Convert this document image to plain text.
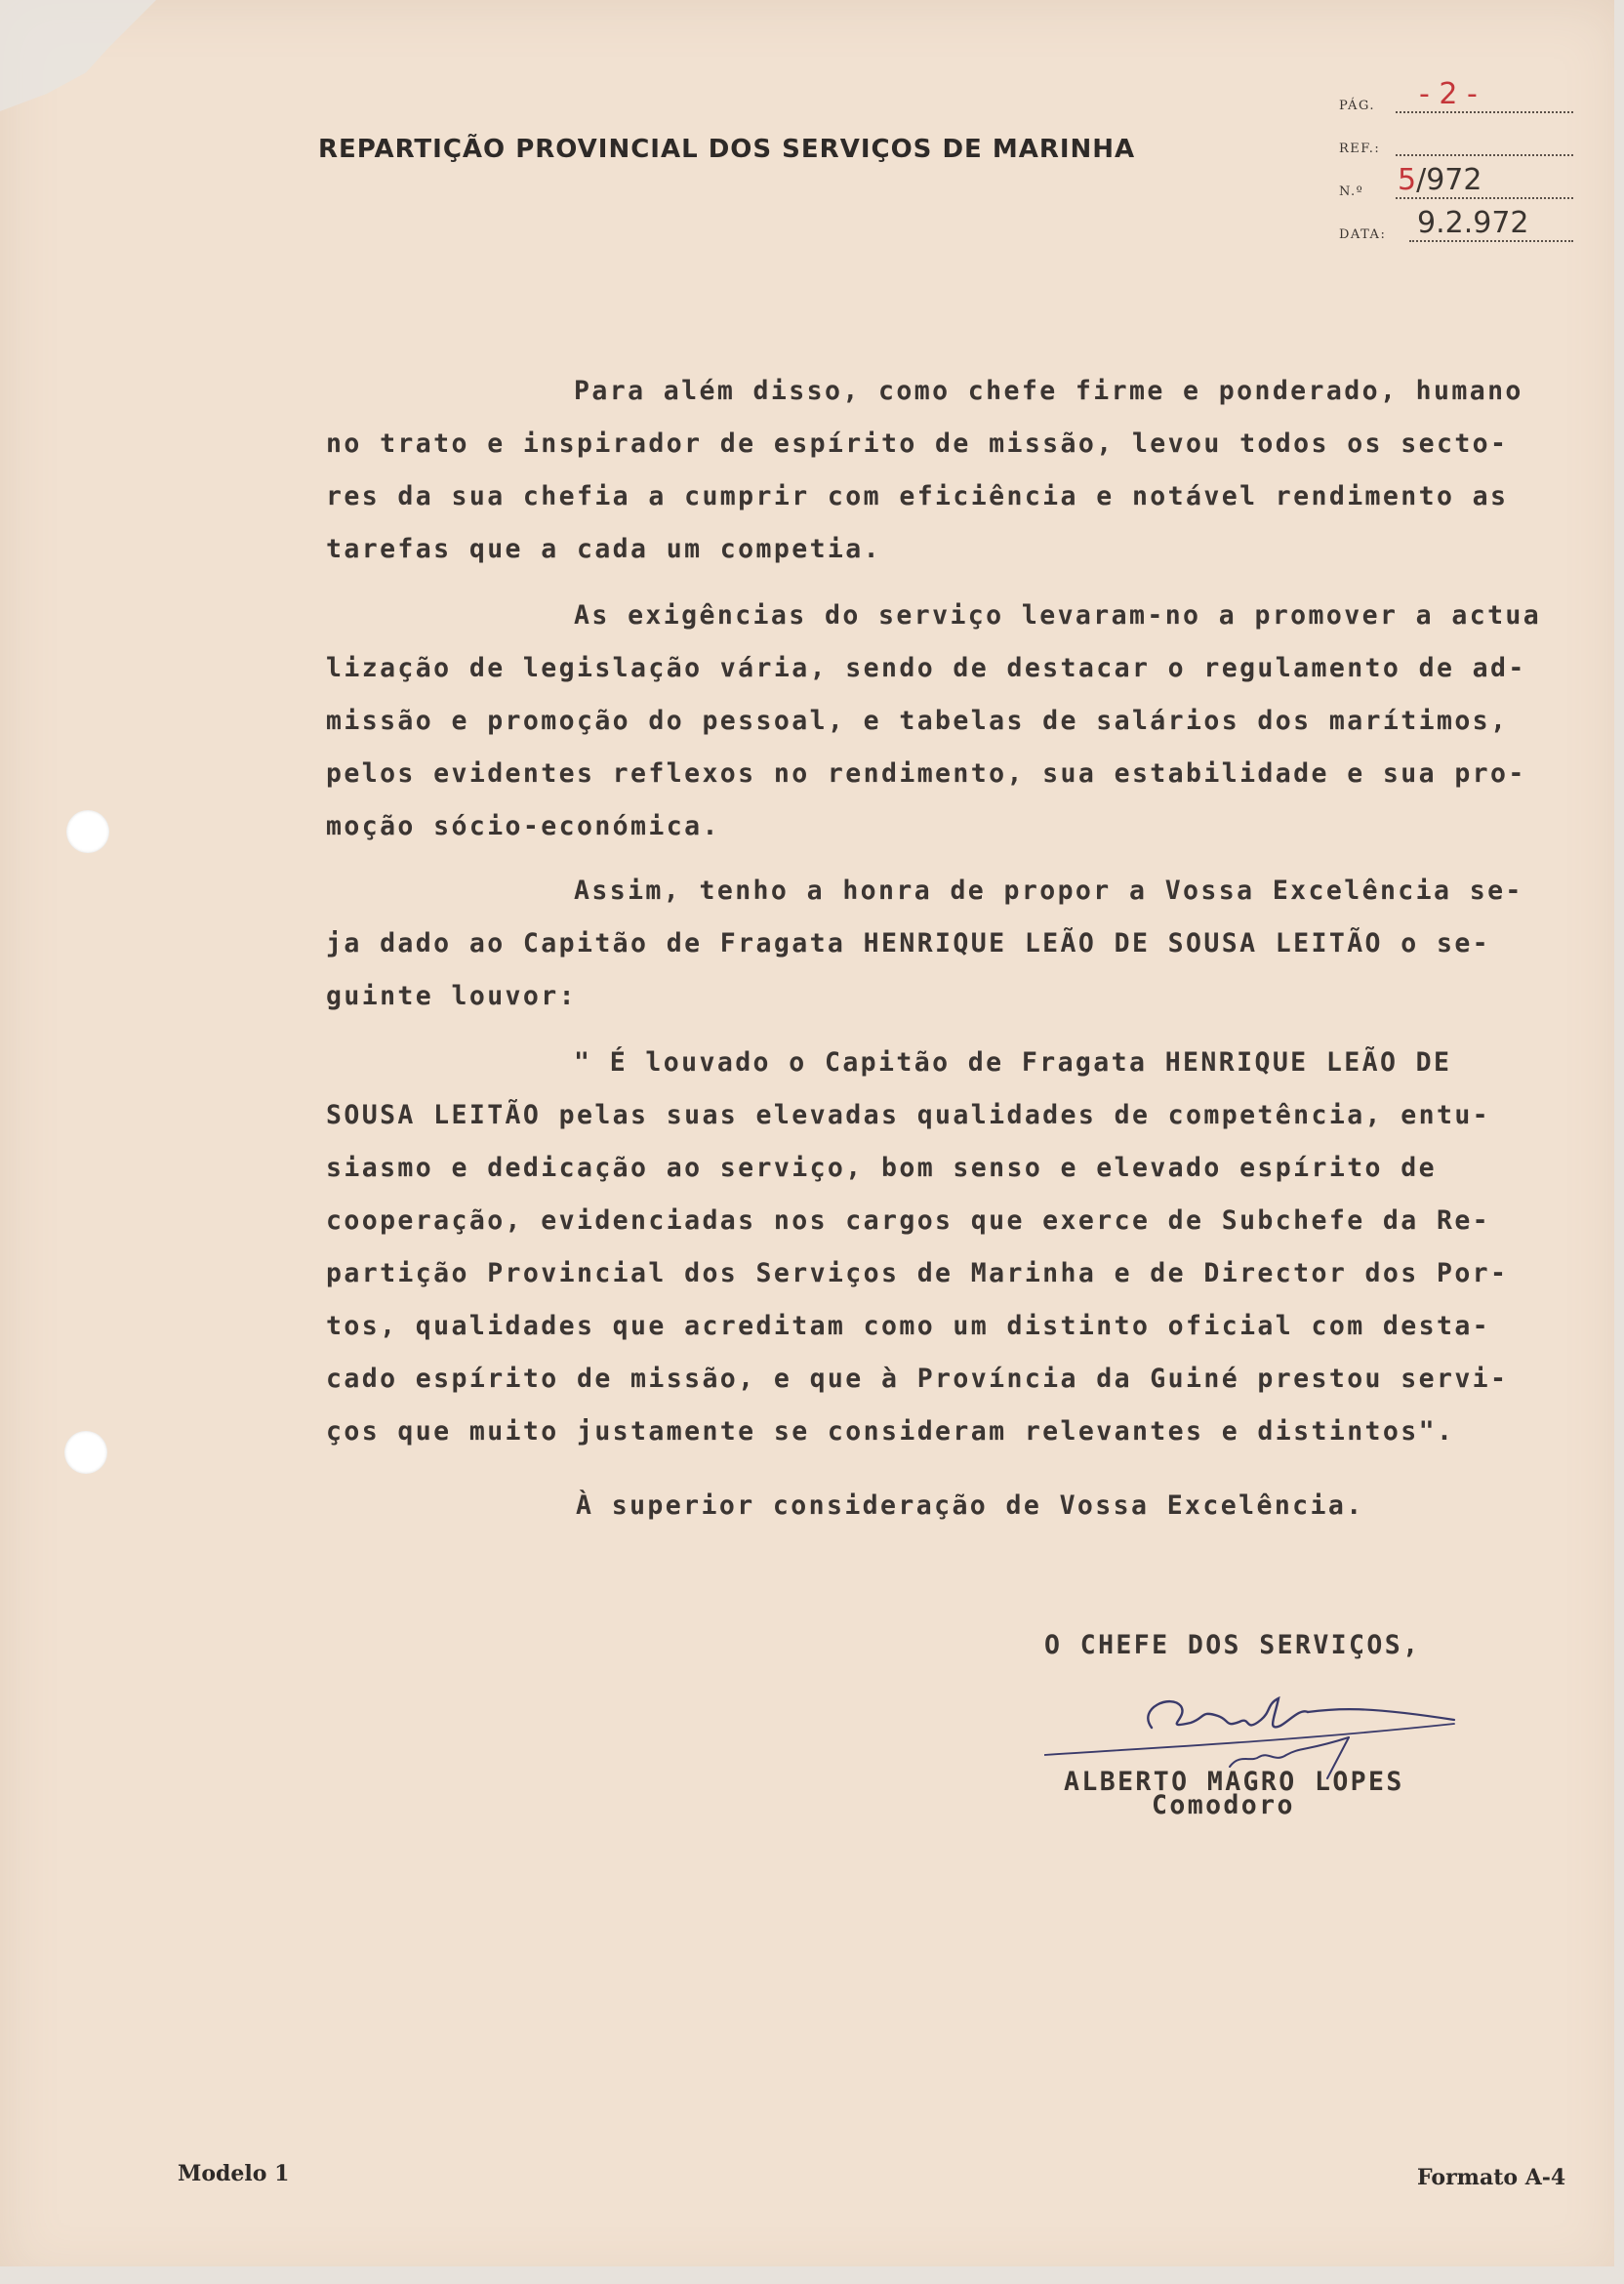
REPARTIÇÃO PROVINCIAL DOS SERVIÇOS DE MARINHA
PÁG. - 2 -
REF.:
N.º 5/972
DATA: 9.2.972
Para além disso, como chefe firme e ponderado, humano
no trato e inspirador de espírito de missão, levou todos os secto-
res da sua chefia a cumprir com eficiência e notável rendimento as
tarefas que a cada um competia.
As exigências do serviço levaram-no a promover a actua
lização de legislação vária, sendo de destacar o regulamento de ad-
missão e promoção do pessoal, e tabelas de salários dos marítimos,
pelos evidentes reflexos no rendimento, sua estabilidade e sua pro-
moção sócio-económica.
Assim, tenho a honra de propor a Vossa Excelência se-
ja dado ao Capitão de Fragata HENRIQUE LEÃO DE SOUSA LEITÃO o se-
guinte louvor:
" É louvado o Capitão de Fragata HENRIQUE LEÃO DE
SOUSA LEITÃO pelas suas elevadas qualidades de competência, entu-
siasmo e dedicação ao serviço, bom senso e elevado espírito de
cooperação, evidenciadas nos cargos que exerce de Subchefe da Re-
partição Provincial dos Serviços de Marinha e de Director dos Por-
tos, qualidades que acreditam como um distinto oficial com desta-
cado espírito de missão, e que à Província da Guiné prestou servi-
ços que muito justamente se consideram relevantes e distintos".
À superior consideração de Vossa Excelência.
O CHEFE DOS SERVIÇOS,
ALBERTO MAGRO LOPES
Comodoro
Modelo 1	Formato A-4
